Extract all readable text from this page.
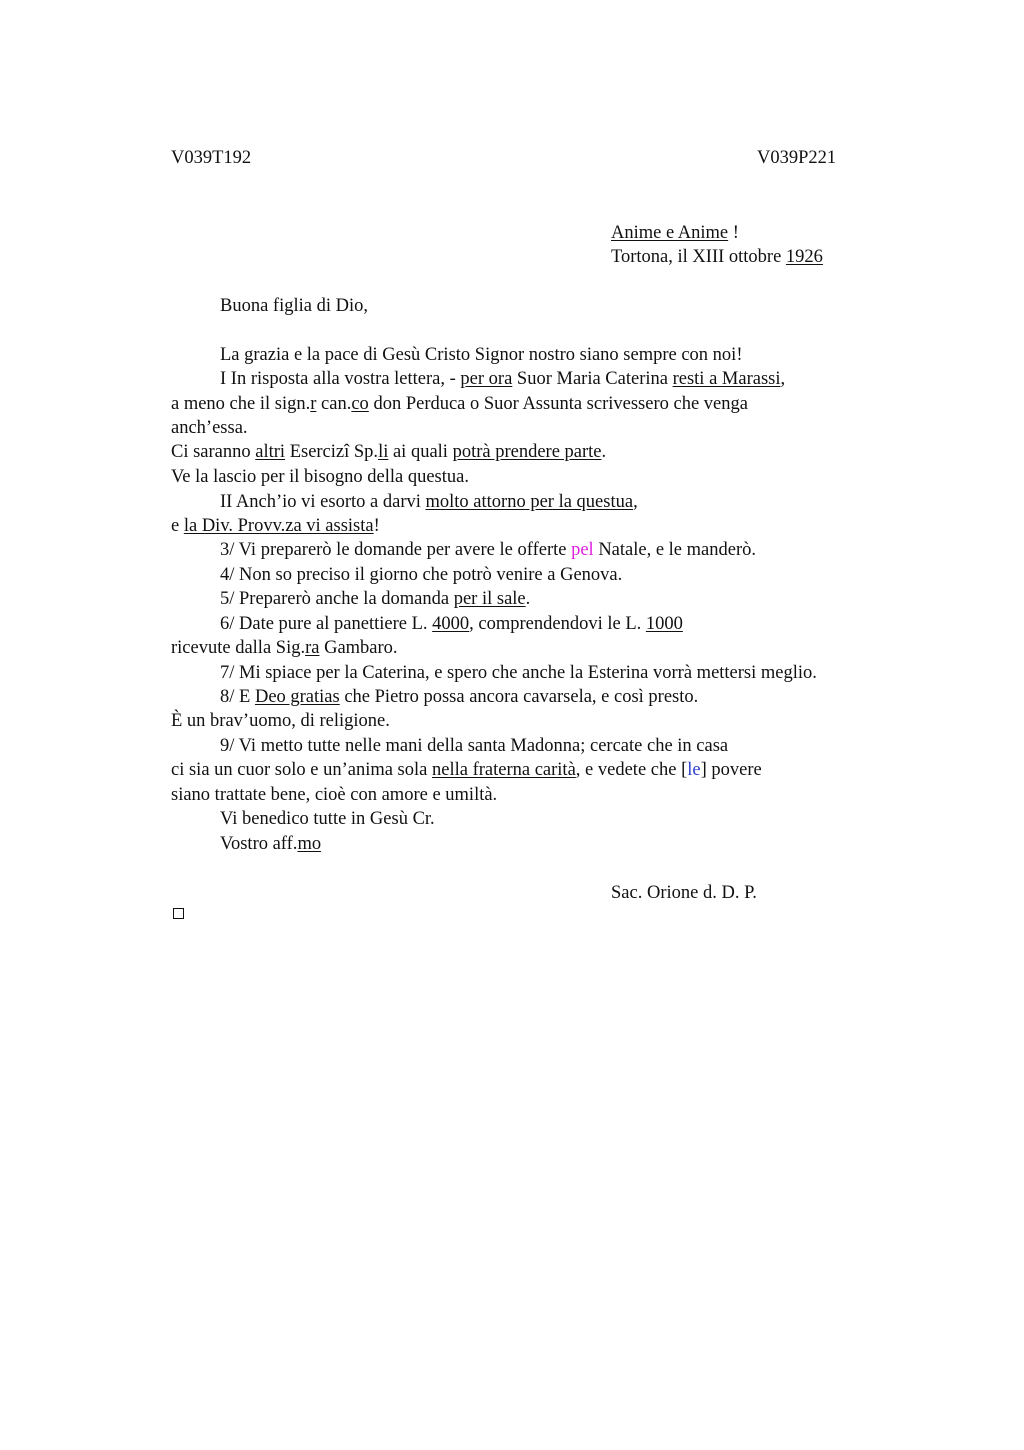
V039T192	V039P221
Anime e Anime !
Tortona, il XIII ottobre 1926
Buona figlia di Dio,
La grazia e la pace di Gesù Cristo Signor nostro siano sempre con noi!
I In risposta alla vostra lettera, - per ora Suor Maria Caterina resti a Marassi,
a meno che il sign.r can.co don Perduca o Suor Assunta scrivessero che venga
anch’essa.
Ci saranno altri Esercizî Sp.li ai quali potrà prendere parte.
Ve la lascio per il bisogno della questua.
II Anch’io vi esorto a darvi molto attorno per la questua,
e la Div. Provv.za vi assista!
3/ Vi preparerò le domande per avere le offerte pel Natale, e le manderò.
4/ Non so preciso il giorno che potrò venire a Genova.
5/ Preparerò anche la domanda per il sale.
6/ Date pure al panettiere L. 4000, comprendendovi le L. 1000
ricevute dalla Sig.ra Gambaro.
7/ Mi spiace per la Caterina, e spero che anche la Esterina vorrà mettersi meglio.
8/ E Deo gratias che Pietro possa ancora cavarsela, e così presto.
È un brav’uomo, di religione.
9/ Vi metto tutte nelle mani della santa Madonna; cercate che in casa
ci sia un cuor solo e un’anima sola nella fraterna carità, e vedete che [le] povere
siano trattate bene, cioè con amore e umiltà.
Vi benedico tutte in Gesù Cr.
Vostro aff.mo
Sac. Orione d. D. P.
